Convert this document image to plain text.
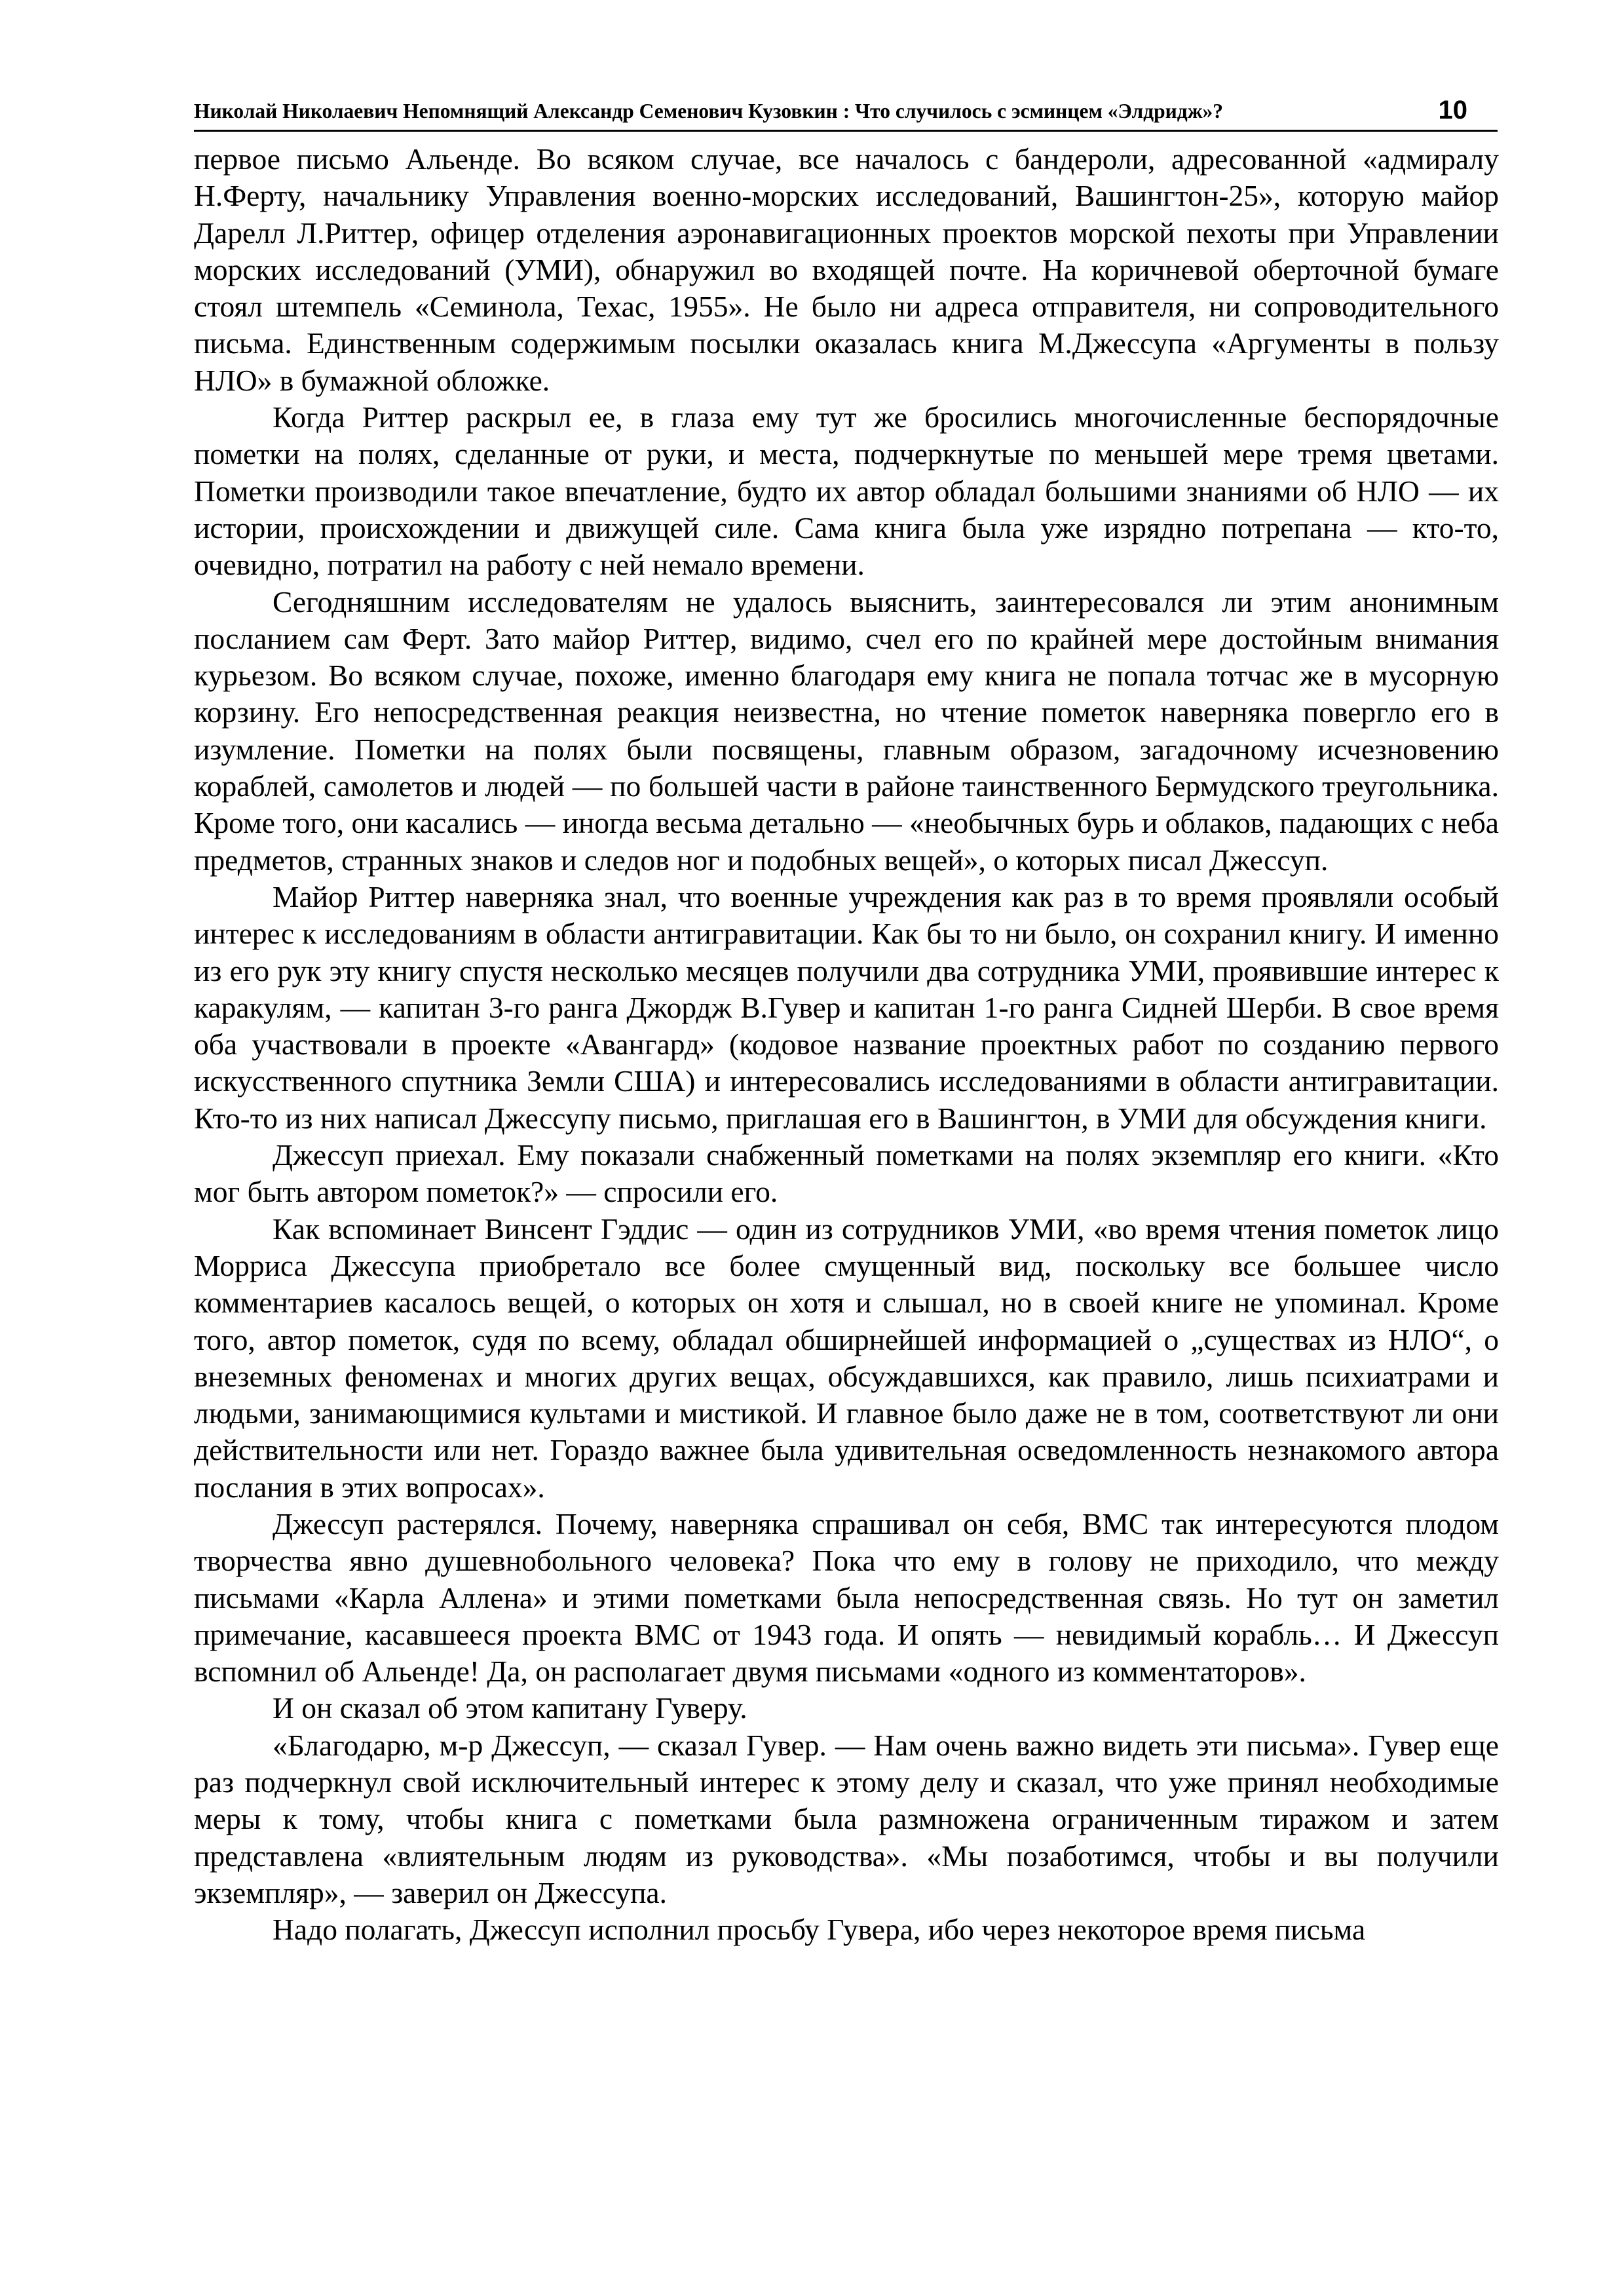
Николай Николаевич Непомнящий Александр Семенович Кузовкин : Что случилось с эсминцем «Элдридж»?	10

первое письмо Альенде. Во всяком случае, все началось с бандероли, адресованной «адмиралу Н.Ферту, начальнику Управления военно-морских исследований, Вашингтон-25», которую майор Дарелл Л.Риттер, офицер отделения аэронавигационных проектов морской пехоты при Управлении морских исследований (УМИ), обнаружил во входящей почте. На коричневой оберточной бумаге стоял штемпель «Семинола, Техас, 1955». Не было ни адреса отправителя, ни сопроводительного письма. Единственным содержимым посылки оказалась книга М.Джессупа «Аргументы в пользу НЛО» в бумажной обложке.

Когда Риттер раскрыл ее, в глаза ему тут же бросились многочисленные беспорядочные пометки на полях, сделанные от руки, и места, подчеркнутые по меньшей мере тремя цветами. Пометки производили такое впечатление, будто их автор обладал большими знаниями об НЛО — их истории, происхождении и движущей силе. Сама книга была уже изрядно потрепана — кто-то, очевидно, потратил на работу с ней немало времени.

Сегодняшним исследователям не удалось выяснить, заинтересовался ли этим анонимным посланием сам Ферт. Зато майор Риттер, видимо, счел его по крайней мере достойным внимания курьезом. Во всяком случае, похоже, именно благодаря ему книга не попала тотчас же в мусорную корзину. Его непосредственная реакция неизвестна, но чтение пометок наверняка повергло его в изумление. Пометки на полях были посвящены, главным образом, загадочному исчезновению кораблей, самолетов и людей — по большей части в районе таинственного Бермудского треугольника. Кроме того, они касались — иногда весьма детально — «необычных бурь и облаков, падающих с неба предметов, странных знаков и следов ног и подобных вещей», о которых писал Джессуп.

Майор Риттер наверняка знал, что военные учреждения как раз в то время проявляли особый интерес к исследованиям в области антигравитации. Как бы то ни было, он сохранил книгу. И именно из его рук эту книгу спустя несколько месяцев получили два сотрудника УМИ, проявившие интерес к каракулям, — капитан 3-го ранга Джордж В.Гувер и капитан 1-го ранга Сидней Шерби. В свое время оба участвовали в проекте «Авангард» (кодовое название проектных работ по созданию первого искусственного спутника Земли США) и интересовались исследованиями в области антигравитации. Кто-то из них написал Джессупу письмо, приглашая его в Вашингтон, в УМИ для обсуждения книги.

Джессуп приехал. Ему показали снабженный пометками на полях экземпляр его книги. «Кто мог быть автором пометок?» — спросили его.

Как вспоминает Винсент Гэддис — один из сотрудников УМИ, «во время чтения пометок лицо Морриса Джессупа приобретало все более смущенный вид, поскольку все большее число комментариев касалось вещей, о которых он хотя и слышал, но в своей книге не упоминал. Кроме того, автор пометок, судя по всему, обладал обширнейшей информацией о „существах из НЛО“, о внеземных феноменах и многих других вещах, обсуждавшихся, как правило, лишь психиатрами и людьми, занимающимися культами и мистикой. И главное было даже не в том, соответствуют ли они действительности или нет. Гораздо важнее была удивительная осведомленность незнакомого автора послания в этих вопросах».

Джессуп растерялся. Почему, наверняка спрашивал он себя, ВМС так интересуются плодом творчества явно душевнобольного человека? Пока что ему в голову не приходило, что между письмами «Карла Аллена» и этими пометками была непосредственная связь. Но тут он заметил примечание, касавшееся проекта ВМС от 1943 года. И опять — невидимый корабль… И Джессуп вспомнил об Альенде! Да, он располагает двумя письмами «одного из комментаторов».

И он сказал об этом капитану Гуверу.

«Благодарю, м-р Джессуп, — сказал Гувер. — Нам очень важно видеть эти письма». Гувер еще раз подчеркнул свой исключительный интерес к этому делу и сказал, что уже принял необходимые меры к тому, чтобы книга с пометками была размножена ограниченным тиражом и затем представлена «влиятельным людям из руководства». «Мы позаботимся, чтобы и вы получили экземпляр», — заверил он Джессупа.

Надо полагать, Джессуп исполнил просьбу Гувера, ибо через некоторое время письма
